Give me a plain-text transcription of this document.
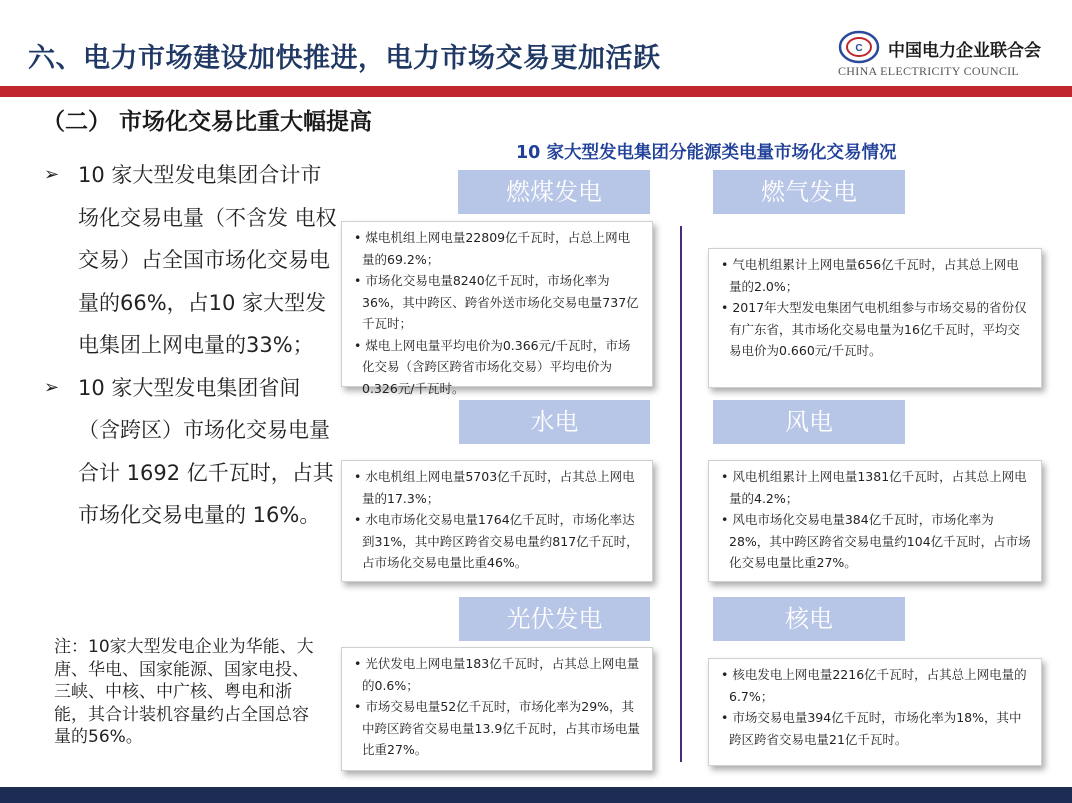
六、电力市场建设加快推进，电力市场交易更加活跃	C 中国电力企业联合会
CHINA ELECTRICITY COUNCIL
（二） 市场化交易比重大幅提高
➢ 10 家大型发电集团合计市场化交易电量（不含发 电权交易）占全国市场化交易电量的66%，占10 家大型发电集团上网电量的33%；
➢ 10 家大型发电集团省间（含跨区）市场化交易电量合计 1692 亿千瓦时，占其市场化交易电量的 16%。
注：10家大型发电企业为华能、大唐、华电、国家能源、国家电投、三峡、中核、中广核、粤电和浙能，其合计装机容量约占全国总容量的56%。
10 家大型发电集团分能源类电量市场化交易情况
燃煤发电

• 煤电机组上网电量22809亿千瓦时，占总上网电量的69.2%；

• 市场化交易电量8240亿千瓦时，市场化率为36%，其中跨区、跨省外送市场化交易电量737亿千瓦时；

• 煤电上网电量平均电价为0.366元/千瓦时，市场化交易（含跨区跨省市场化交易）平均电价为0.326元/千瓦时。

燃气发电

• 气电机组累计上网电量656亿千瓦时，占其总上网电量的2.0%；

• 2017年大型发电集团气电机组参与市场交易的省份仅有广东省，其市场化交易电量为16亿千瓦时，平均交易电价为0.660元/千瓦时。

水电

• 水电机组上网电量5703亿千瓦时，占其总上网电量的17.3%；

• 水电市场化交易电量1764亿千瓦时，市场化率达到31%，其中跨区跨省交易电量约817亿千瓦时，占市场化交易电量比重46%。

风电

• 风电机组累计上网电量1381亿千瓦时，占其总上网电量的4.2%；

• 风电市场化交易电量384亿千瓦时，市场化率为28%，其中跨区跨省交易电量约104亿千瓦时，占市场化交易电量比重27%。

光伏发电

• 光伏发电上网电量183亿千瓦时，占其总上网电量的0.6%；

• 市场交易电量52亿千瓦时，市场化率为29%，其中跨区跨省交易电量13.9亿千瓦时，占其市场电量比重27%。

核电

• 核电发电上网电量2216亿千瓦时，占其总上网电量的6.7%；

• 市场交易电量394亿千瓦时，市场化率为18%，其中跨区跨省交易电量21亿千瓦时。
